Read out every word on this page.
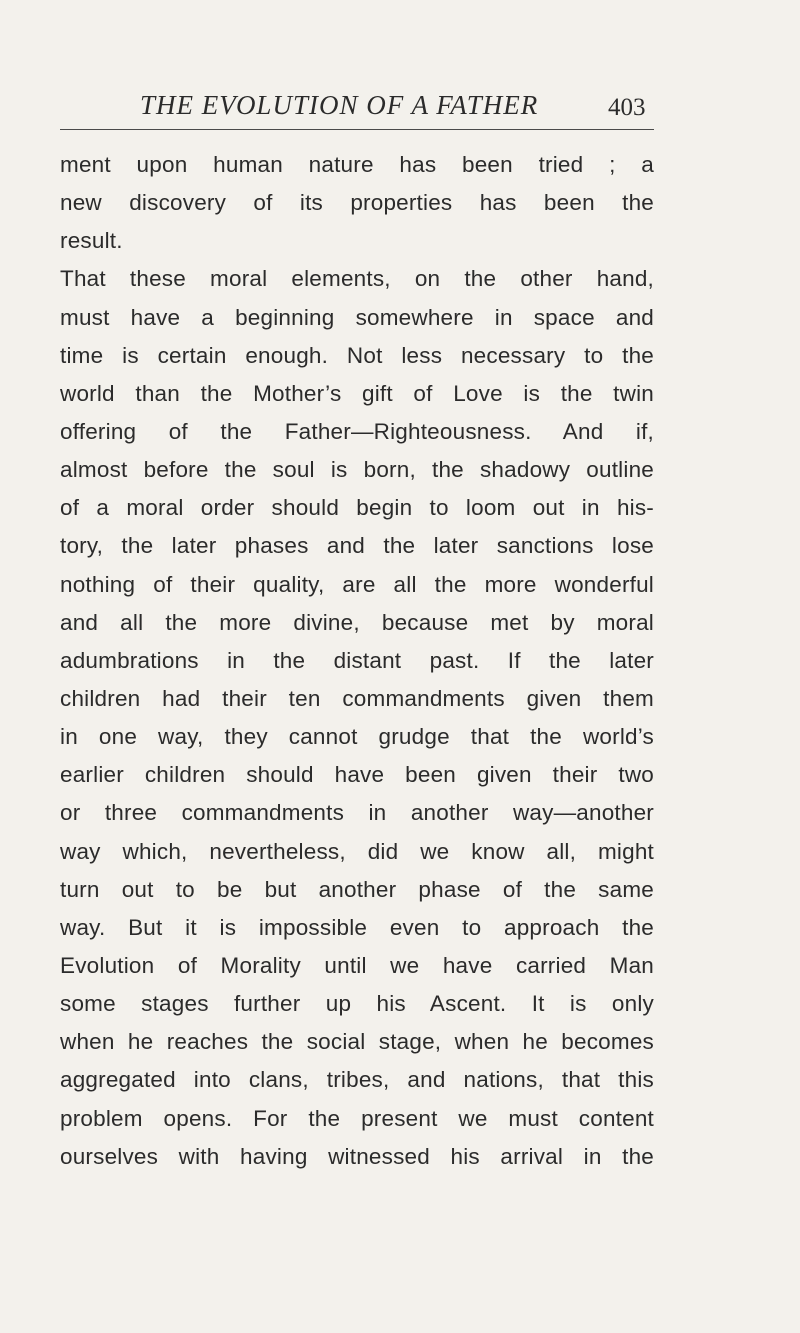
THE EVOLUTION OF A FATHER	403
ment upon human nature has been tried ; a
new discovery of its properties has been the
result.
That these moral elements, on the other hand,
must have a beginning somewhere in space and
time is certain enough. Not less necessary to the
world than the Mother’s gift of Love is the twin
offering of the Father—Righteousness. And if,
almost before the soul is born, the shadowy outline
of a moral order should begin to loom out in his-
tory, the later phases and the later sanctions lose
nothing of their quality, are all the more wonderful
and all the more divine, because met by moral
adumbrations in the distant past. If the later
children had their ten commandments given them
in one way, they cannot grudge that the world’s
earlier children should have been given their two
or three commandments in another way—another
way which, nevertheless, did we know all, might
turn out to be but another phase of the same
way. But it is impossible even to approach the
Evolution of Morality until we have carried Man
some stages further up his Ascent. It is only
when he reaches the social stage, when he becomes
aggregated into clans, tribes, and nations, that this
problem opens. For the present we must content
ourselves with having witnessed his arrival in the
